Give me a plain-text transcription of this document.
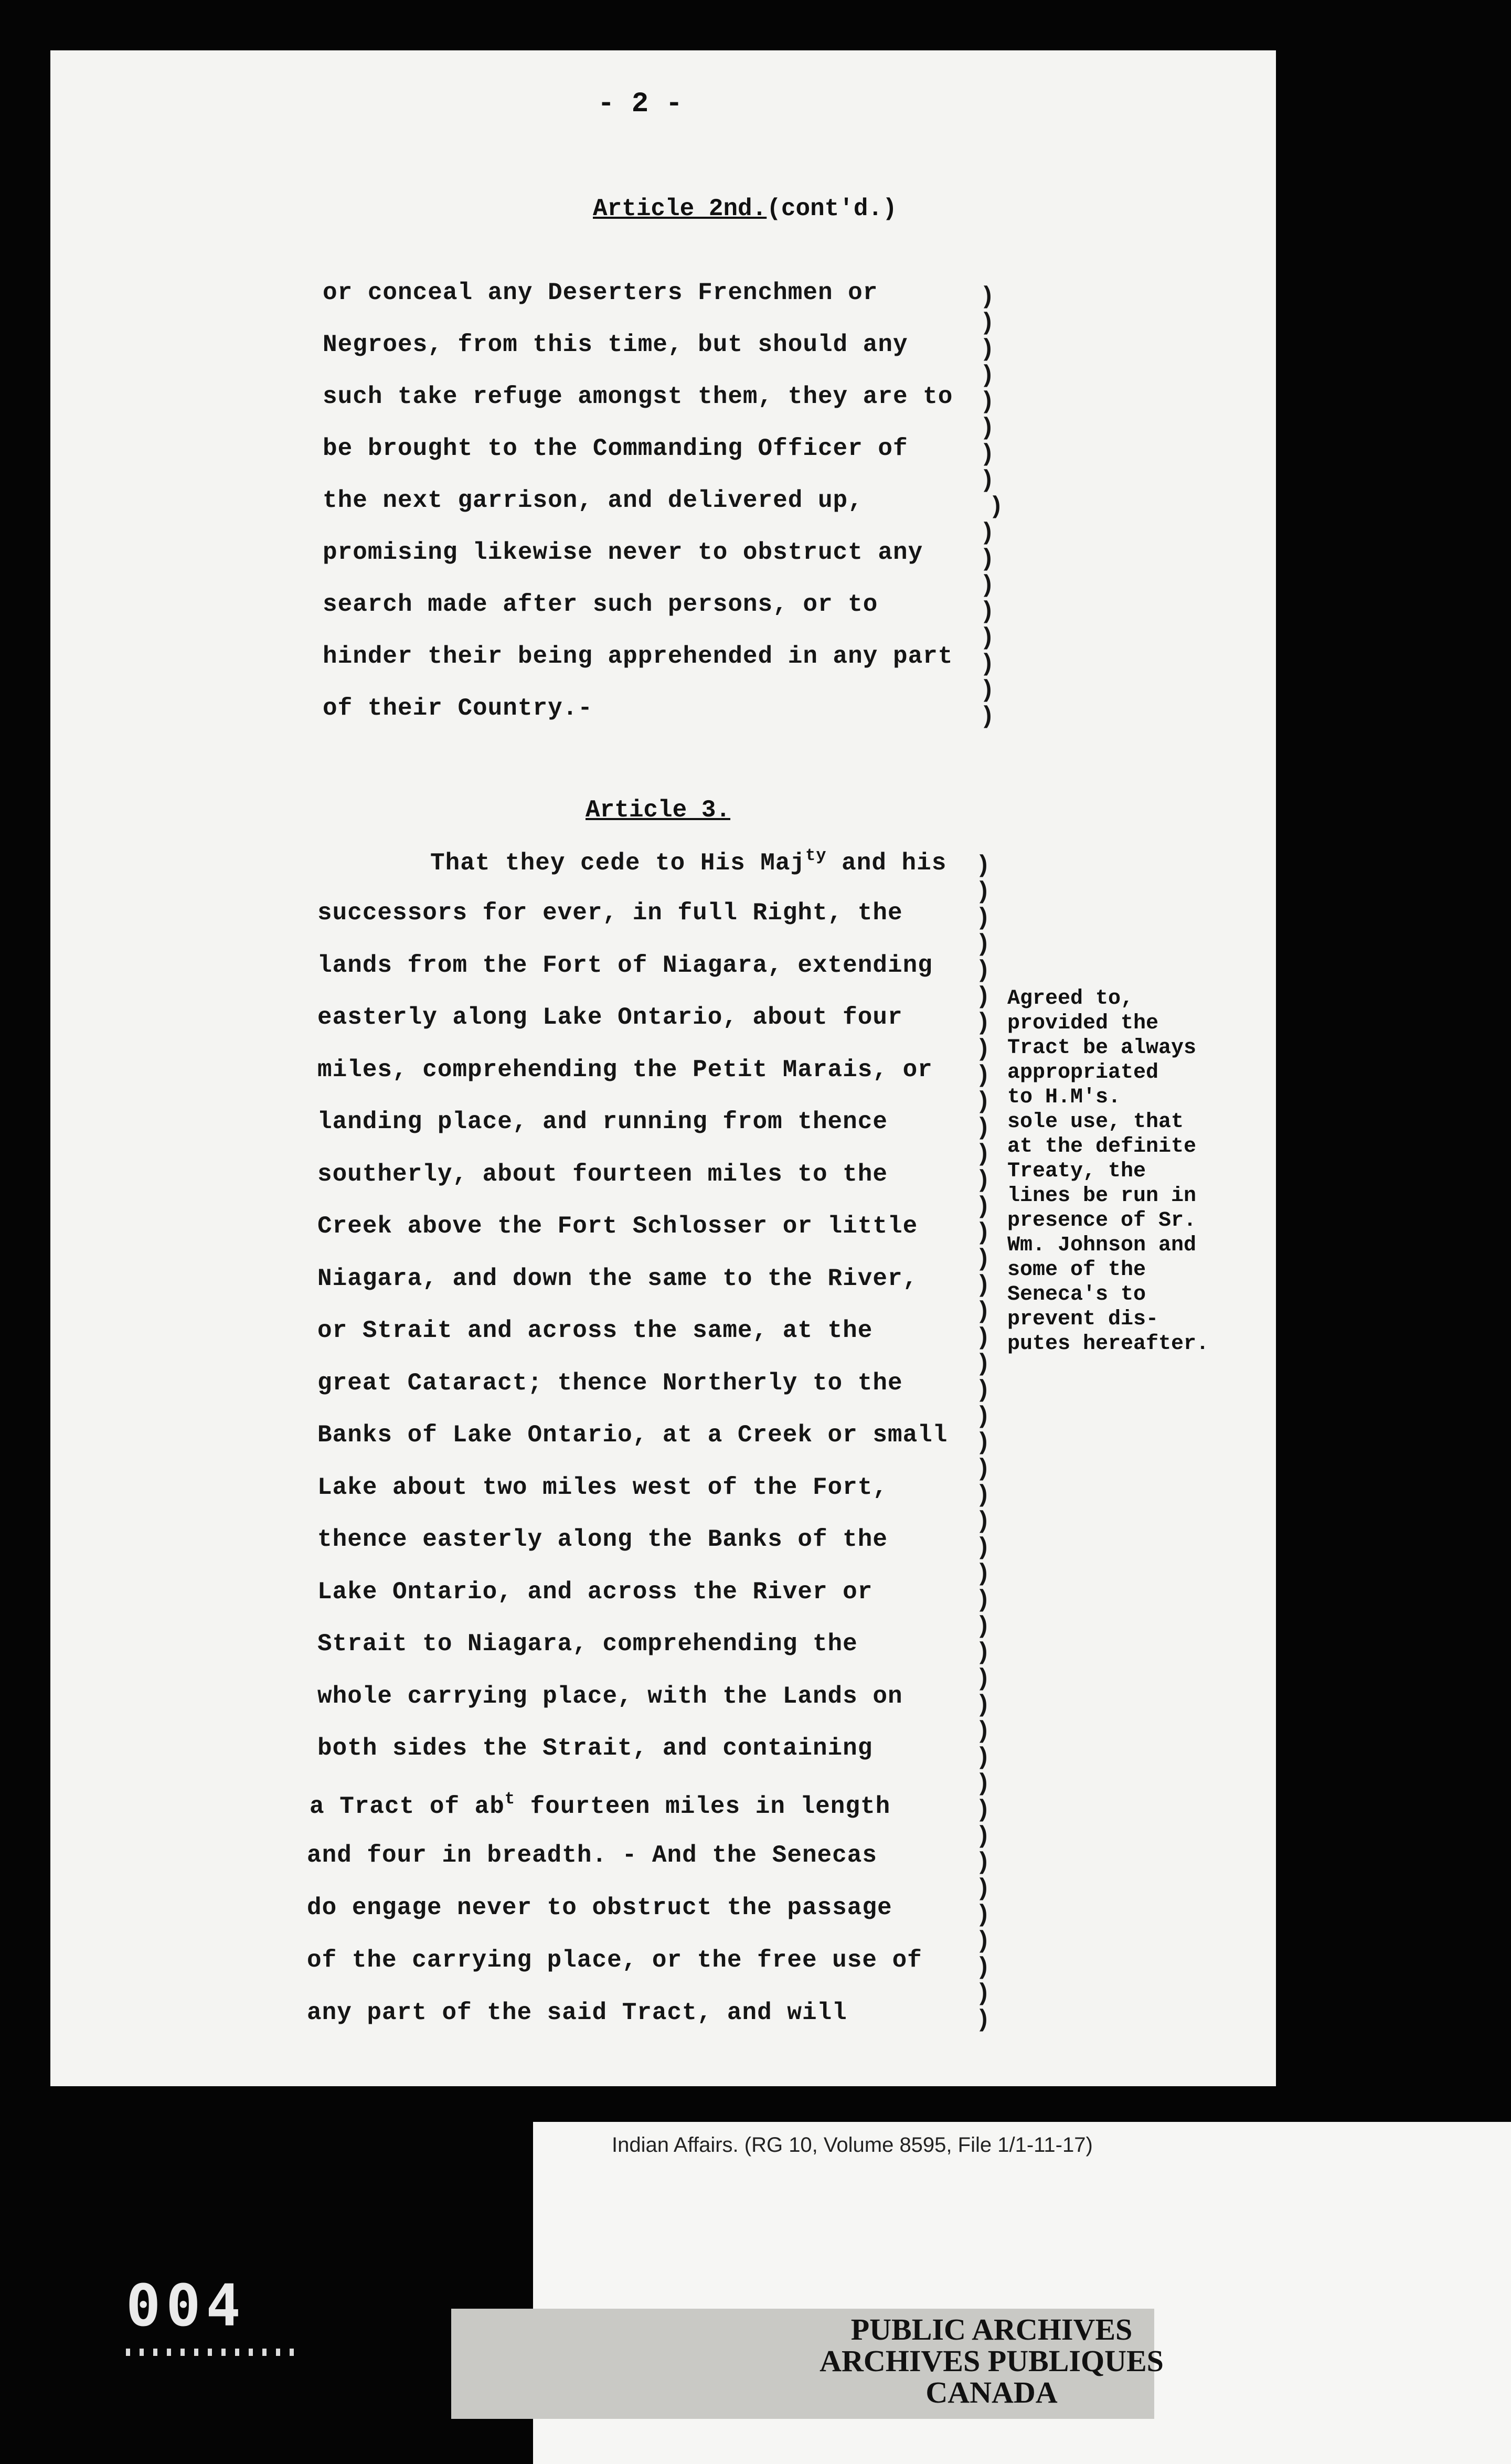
- 2 -
Article 2nd.(cont'd.)
or conceal any Deserters Frenchmen or
Negroes, from this time, but should any
such take refuge amongst them, they are to
be brought to the Commanding Officer of
the next garrison, and delivered up,
promising likewise never to obstruct any
search made after such persons, or to
hinder their being apprehended in any part
of their Country.-
Article 3.
That they cede to His Maj$^{ty}$ and his
successors for ever, in full Right, the
lands from the Fort of Niagara, extending
easterly along Lake Ontario, about four
miles, comprehending the Petit Marais, or
landing place, and running from thence
southerly, about fourteen miles to the
Creek above the Fort Schlosser or little
Niagara, and down the same to the River,
or Strait and across the same, at the
great Cataract; thence Northerly to the
Banks of Lake Ontario, at a Creek or small
Lake about two miles west of the Fort,
thence easterly along the Banks of the
Lake Ontario, and across the River or
Strait to Niagara, comprehending the
whole carrying place, with the Lands on
both sides the Strait, and containing
a Tract of $ab^t$ fourteen miles in length
and four in breadth. - And the Senecas
do engage never to obstruct the passage
of the carrying place, or the free use of
any part of the said Tract, and will
)
)
)
)
)
)
)
)
)
)
)
)
)
)
)
)
)
)
)
)
)
)
)
)
)
)
)
)
)
)
)
)
)
)
)
)
)
)
)
)
)
)
)
)
)
)
)
)
)
)
)
)
)
)
)
)
)
)
)
)
)
)
Agreed to,
provided the
Tract be always
appropriated
to H.M's.
sole use, that
at the definite
Treaty, the
lines be run in
presence of Sr.
Wm. Johnson and
some of the
Seneca's to
prevent dis-
putes hereafter.
Indian Affairs. (RG 10, Volume 8595, File 1/1-11-17)
PUBLIC ARCHIVES
ARCHIVES PUBLIQUES
CANADA
004
